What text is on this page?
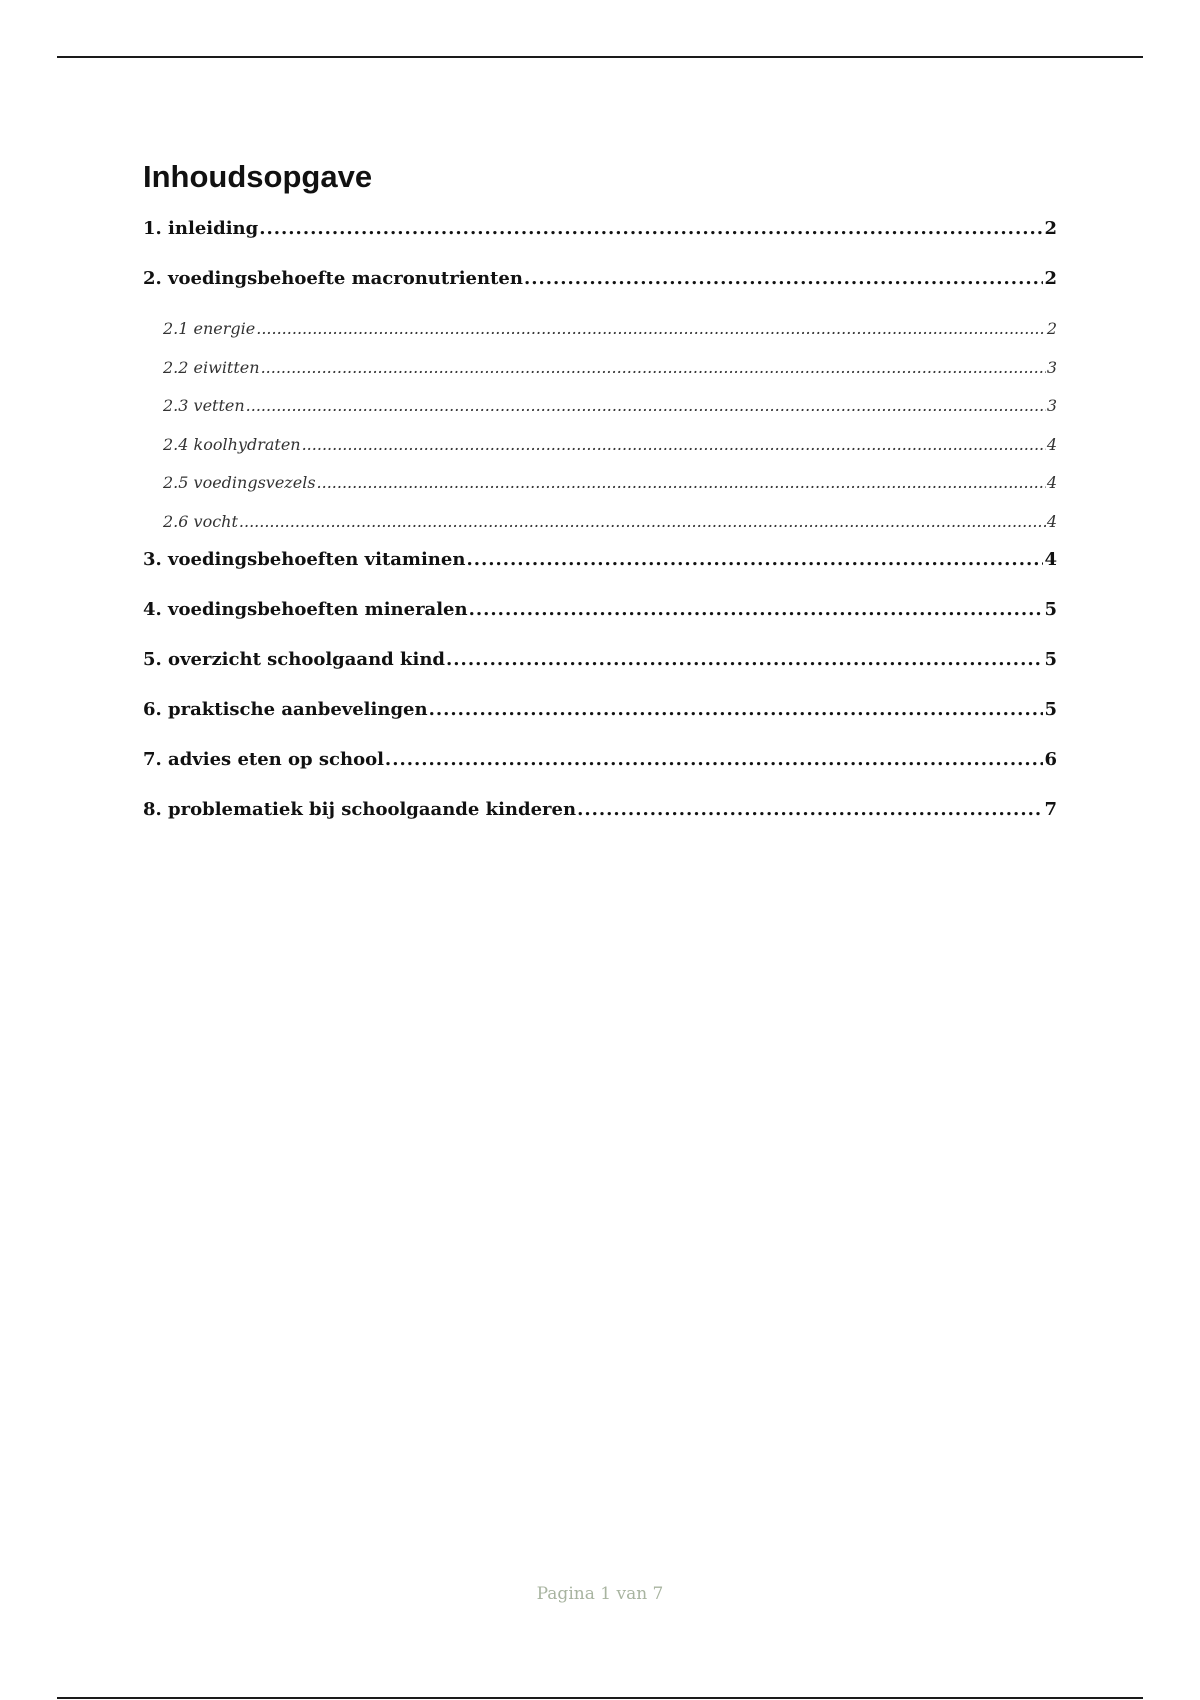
Inhoudsopgave
1. inleiding .....	2
2. voedingsbehoefte macronutrienten .....	2
2.1 energie .....	2
2.2 eiwitten .....	3
2.3 vetten .....	3
2.4 koolhydraten .....	4
2.5 voedingsvezels .....	4
2.6 vocht .....	4
3. voedingsbehoeften vitaminen .....	4
4. voedingsbehoeften mineralen .....	5
5. overzicht schoolgaand kind .....	5
6. praktische aanbevelingen .....	5
7. advies eten op school .....	6
8. problematiek bij schoolgaande kinderen .....	7
Pagina 1 van 7
